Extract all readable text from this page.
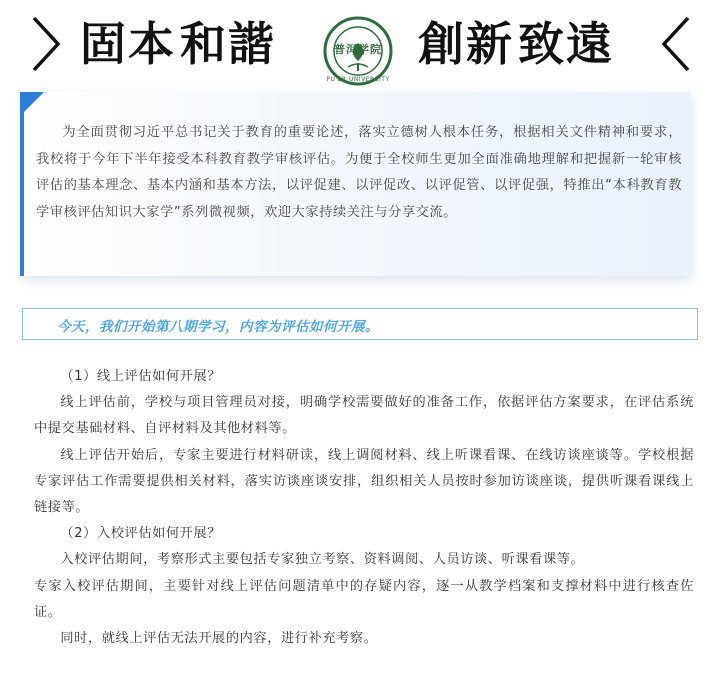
固本 和諧
PU'ER UNIVERSITY
普洱学院 創新 致遠
为全面贯彻习近平总书记关于教育的重要论述，落实立德树人根本任务，根据相关文件精神和要求，我校将于今年下半年接受本科教育教学审核评估。为便于全校师生更加全面准确地理解和把握新一轮审核评估的基本理念、基本内涵和基本方法，以评促建、以评促改、以评促管、以评促强，特推出“本科教育教学审核评估知识大家学”系列微视频，欢迎大家持续关注与分享交流。
今天，我们开始第八期学习，内容为评估如何开展。

（1）线上评估如何开展？

线上评估前，学校与项目管理员对接，明确学校需要做好的准备工作，依据评估方案要求，在评估系统中提交基础材料、自评材料及其他材料等。

线上评估开始后，专家主要进行材料研读，线上调阅材料、线上听课看课、在线访谈座谈等。学校根据专家评估工作需要提供相关材料，落实访谈座谈安排，组织相关人员按时参加访谈座谈，提供听课看课线上链接等。

（2）入校评估如何开展？

入校评估期间，考察形式主要包括专家独立考察、资料调阅、人员访谈、听课看课等。

专家入校评估期间，主要针对线上评估问题清单中的存疑内容，逐一从教学档案和支撑材料中进行核查佐证。

同时，就线上评估无法开展的内容，进行补充考察。
